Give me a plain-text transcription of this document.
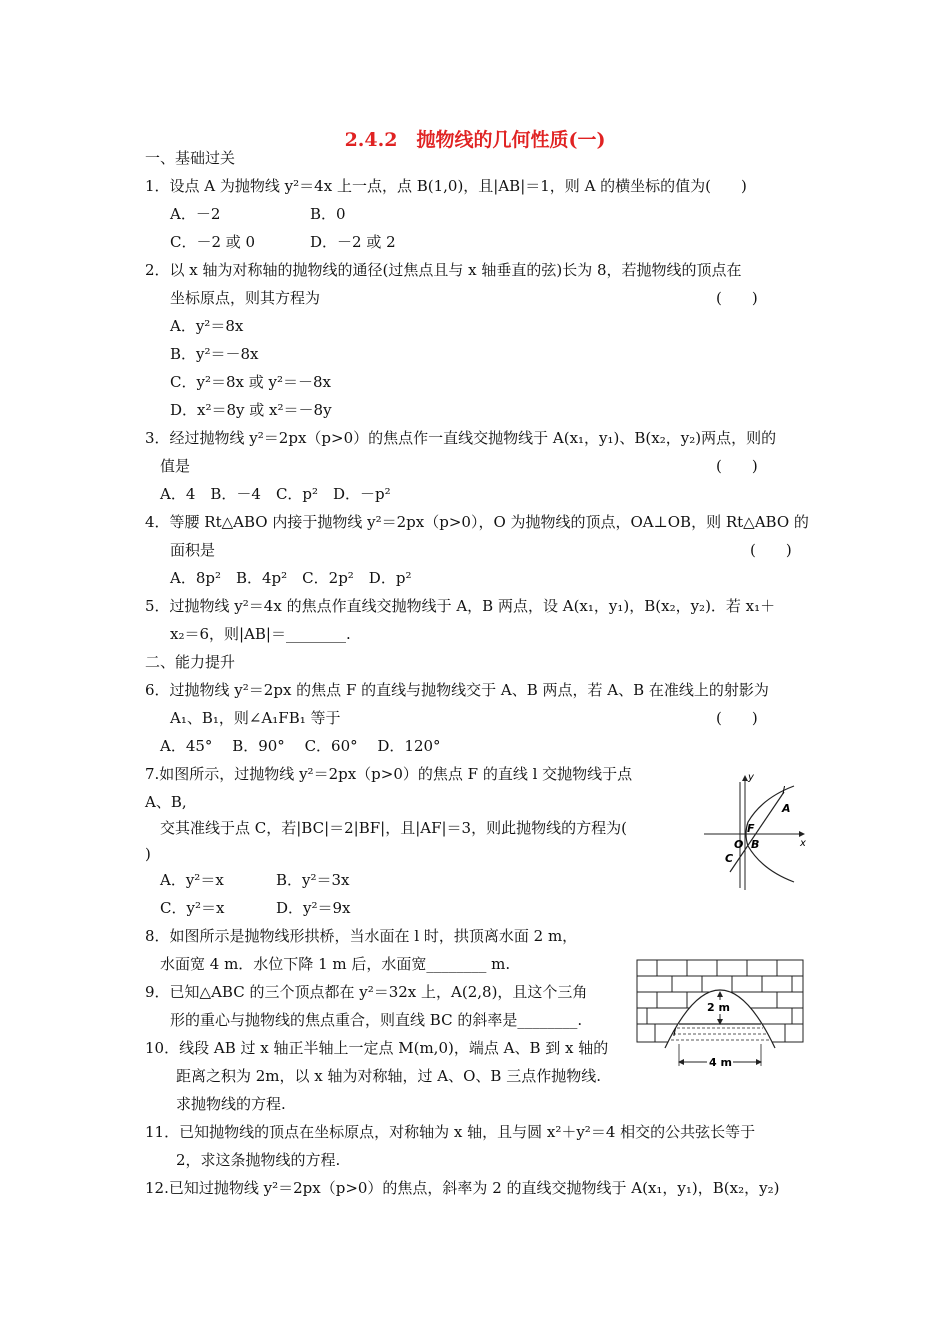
2.4.2　抛物线的几何性质(一)
一、基础过关
1．设点 A 为抛物线 y²＝4x 上一点，点 B(1,0)，且|AB|＝1，则 A 的横坐标的值为(　　)
A．－2	B．0
C．－2 或 0	D．－2 或 2
2．以 x 轴为对称轴的抛物线的通径(过焦点且与 x 轴垂直的弦)长为 8，若抛物线的顶点在
坐标原点，则其方程为	(　　)
A．y²＝8x
B．y²＝－8x
C．y²＝8x 或 y²＝－8x
D．x²＝8y 或 x²＝－8y
3．经过抛物线 y²＝2px（p>0）的焦点作一直线交抛物线于 A(x₁，y₁)、B(x₂，y₂)两点，则的
值是	(　　)
A．4　B．－4　C．p²　D．－p²
4．等腰 Rt△ABO 内接于抛物线 y²＝2px（p>0），O 为抛物线的顶点，OA⊥OB，则 Rt△ABO 的
面积是	(　　)
A．8p²　B．4p²　C．2p²　D．p²
5．过抛物线 y²＝4x 的焦点作直线交抛物线于 A，B 两点，设 A(x₁，y₁)，B(x₂，y₂)．若 x₁＋
x₂＝6，则|AB|＝________.
二、能力提升
6．过抛物线 y²＝2px 的焦点 F 的直线与抛物线交于 A、B 两点，若 A、B 在准线上的射影为
A₁、B₁，则∠A₁FB₁ 等于	(　　)
A．45°　 B．90°　 C．60°　 D．120°
7.如图所示，过抛物线 y²＝2px（p>0）的焦点 F 的直线 l 交抛物线于点
A、B,
交其准线于点 C，若|BC|＝2|BF|，且|AF|＝3，则此抛物线的方程为(
)
A．y²＝x	B．y²＝3x
C．y²＝x	D．y²＝9x
8．如图所示是抛物线形拱桥，当水面在 l 时，拱顶离水面 2 m，
水面宽 4 m．水位下降 1 m 后，水面宽________ m.
9．已知△ABC 的三个顶点都在 y²＝32x 上，A(2,8)，且这个三角
形的重心与抛物线的焦点重合，则直线 BC 的斜率是________.
10．线段 AB 过 x 轴正半轴上一定点 M(m,0)，端点 A、B 到 x 轴的
距离之积为 2m，以 x 轴为对称轴，过 A、O、B 三点作抛物线.
求抛物线的方程.
11．已知抛物线的顶点在坐标原点，对称轴为 x 轴，且与圆 x²＋y²＝4 相交的公共弦长等于
2，求这条抛物线的方程.
12.已知过抛物线 y²＝2px（p>0）的焦点，斜率为 2 的直线交抛物线于 A(x₁，y₁)，B(x₂，y₂)
y
x
l
A
F
O B
C
2 m
l
4 m
